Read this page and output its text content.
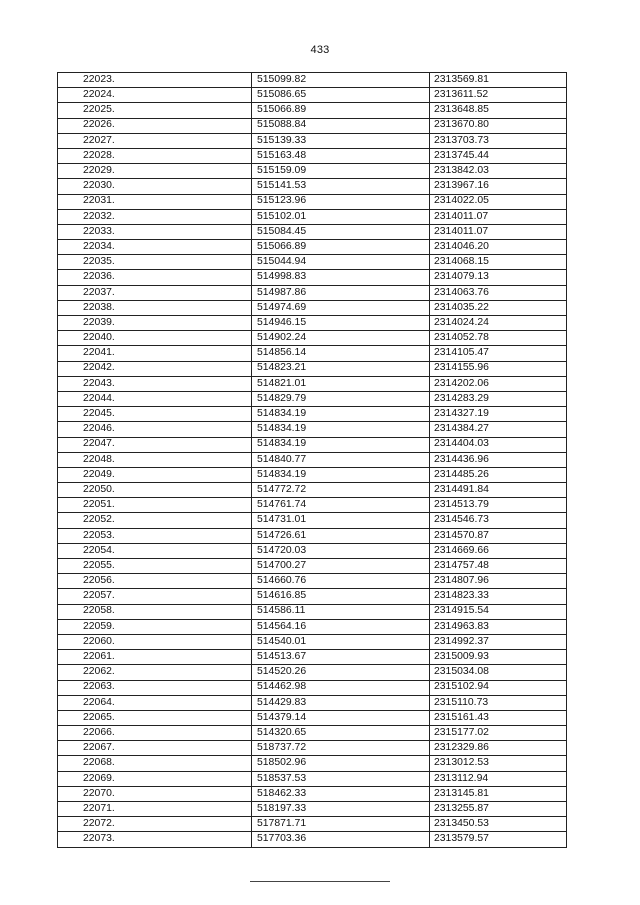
433
22023.	515099.82	2313569.81
22024.	515086.65	2313611.52
22025.	515066.89	2313648.85
22026.	515088.84	2313670.80
22027.	515139.33	2313703.73
22028.	515163.48	2313745.44
22029.	515159.09	2313842.03
22030.	515141.53	2313967.16
22031.	515123.96	2314022.05
22032.	515102.01	2314011.07
22033.	515084.45	2314011.07
22034.	515066.89	2314046.20
22035.	515044.94	2314068.15
22036.	514998.83	2314079.13
22037.	514987.86	2314063.76
22038.	514974.69	2314035.22
22039.	514946.15	2314024.24
22040.	514902.24	2314052.78
22041.	514856.14	2314105.47
22042.	514823.21	2314155.96
22043.	514821.01	2314202.06
22044.	514829.79	2314283.29
22045.	514834.19	2314327.19
22046.	514834.19	2314384.27
22047.	514834.19	2314404.03
22048.	514840.77	2314436.96
22049.	514834.19	2314485.26
22050.	514772.72	2314491.84
22051.	514761.74	2314513.79
22052.	514731.01	2314546.73
22053.	514726.61	2314570.87
22054.	514720.03	2314669.66
22055.	514700.27	2314757.48
22056.	514660.76	2314807.96
22057.	514616.85	2314823.33
22058.	514586.11	2314915.54
22059.	514564.16	2314963.83
22060.	514540.01	2314992.37
22061.	514513.67	2315009.93
22062.	514520.26	2315034.08
22063.	514462.98	2315102.94
22064.	514429.83	2315110.73
22065.	514379.14	2315161.43
22066.	514320.65	2315177.02
22067.	518737.72	2312329.86
22068.	518502.96	2313012.53
22069.	518537.53	2313112.94
22070.	518462.33	2313145.81
22071.	518197.33	2313255.87
22072.	517871.71	2313450.53
22073.	517703.36	2313579.57
